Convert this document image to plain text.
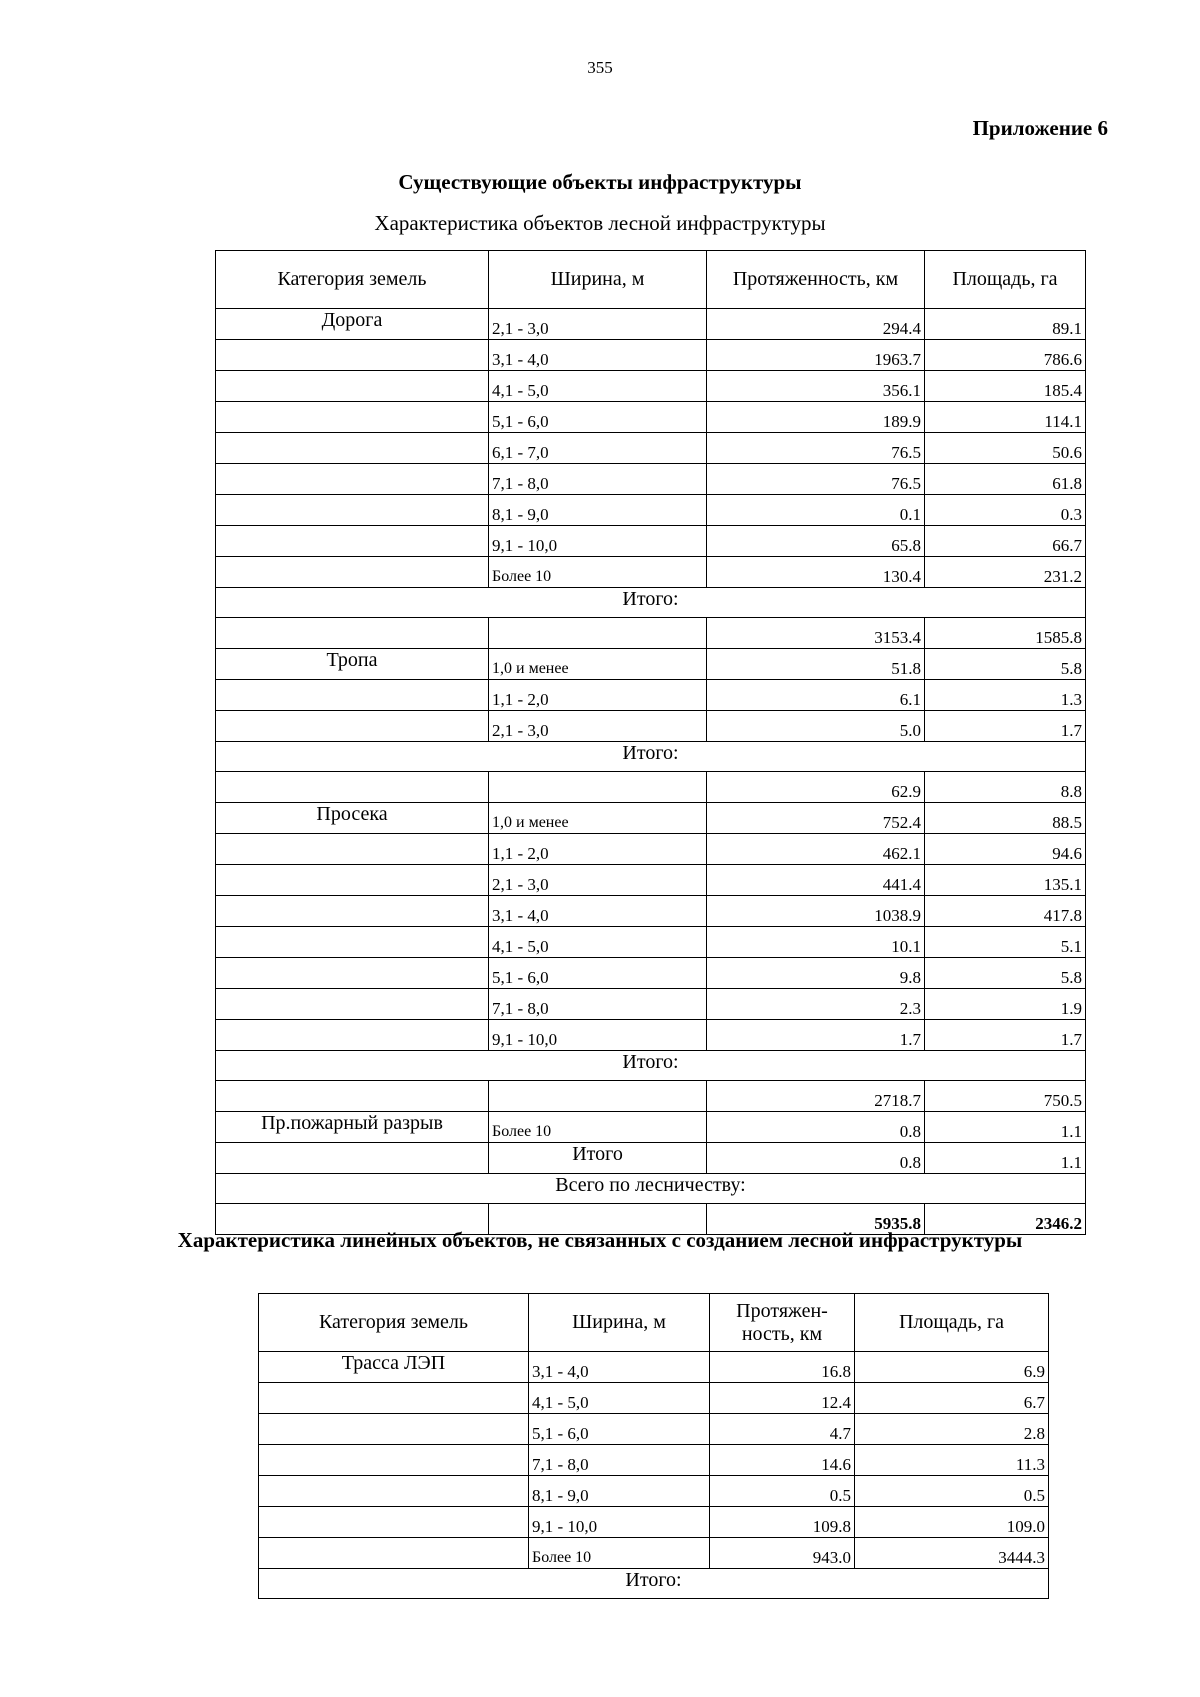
355
Приложение 6
Существующие объекты инфраструктуры
Характеристика объектов лесной инфраструктуры
Категория земель	Ширина, м	Протяженность, км	Площадь, га
Дорога	2,1 - 3,0	294.4	89.1
	3,1 - 4,0	1963.7	786.6
	4,1 - 5,0	356.1	185.4
	5,1 - 6,0	189.9	114.1
	6,1 - 7,0	76.5	50.6
	7,1 - 8,0	76.5	61.8
	8,1 - 9,0	0.1	0.3
	9,1 - 10,0	65.8	66.7
	Более 10	130.4	231.2
Итого:			
		3153.4	1585.8
Тропа	1,0 и менее	51.8	5.8
	1,1 - 2,0	6.1	1.3
	2,1 - 3,0	5.0	1.7
Итого:			
		62.9	8.8
Просека	1,0 и менее	752.4	88.5
	1,1 - 2,0	462.1	94.6
	2,1 - 3,0	441.4	135.1
	3,1 - 4,0	1038.9	417.8
	4,1 - 5,0	10.1	5.1
	5,1 - 6,0	9.8	5.8
	7,1 - 8,0	2.3	1.9
	9,1 - 10,0	1.7	1.7
Итого:			
		2718.7	750.5
Пр.пожарный разрыв	Более 10	0.8	1.1
	Итого	0.8	1.1
Всего по лесничеству:			
		5935.8	2346.2
Характеристика линейных объектов, не связанных с созданием лесной инфраструктуры
Категория земель	Ширина, м	Протяжен-ность, км	Площадь, га
Трасса ЛЭП	3,1 - 4,0	16.8	6.9
	4,1 - 5,0	12.4	6.7
	5,1 - 6,0	4.7	2.8
	7,1 - 8,0	14.6	11.3
	8,1 - 9,0	0.5	0.5
	9,1 - 10,0	109.8	109.0
	Более 10	943.0	3444.3
Итого:			
